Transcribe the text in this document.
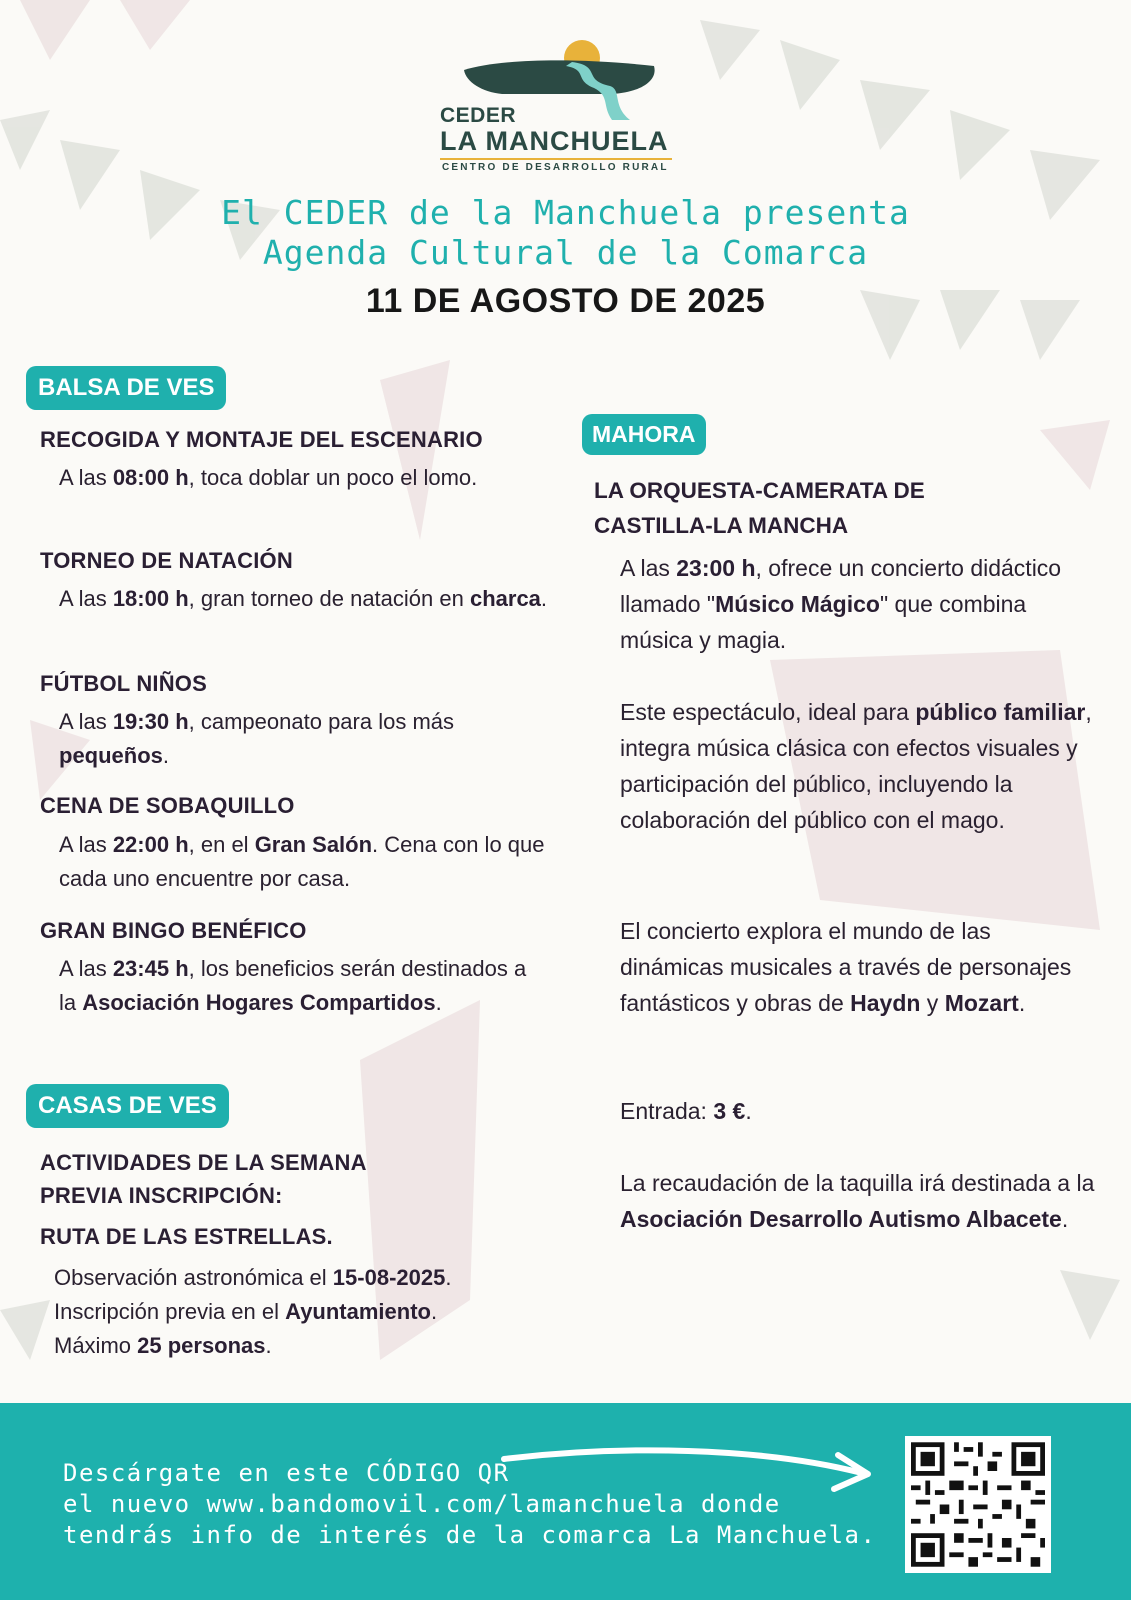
CEDER
LA MANCHUELA
CENTRO DE DESARROLLO RURAL
El CEDER de la Manchuela presenta
Agenda Cultural de la Comarca
11 DE AGOSTO DE 2025
BALSA DE VES
RECOGIDA Y MONTAJE DEL ESCENARIO
A las 08:00 h, toca doblar un poco el lomo.
TORNEO DE NATACIÓN
A las 18:00 h, gran torneo de natación en charca.
FÚTBOL NIÑOS
A las 19:30 h, campeonato para los más pequeños.
CENA DE SOBAQUILLO
A las 22:00 h, en el Gran Salón. Cena con lo que cada uno encuentre por casa.
GRAN BINGO BENÉFICO
A las 23:45 h, los beneficios serán destinados a la Asociación Hogares Compartidos.
CASAS DE VES
ACTIVIDADES DE LA SEMANA
PREVIA INSCRIPCIÓN:
RUTA DE LAS ESTRELLAS.
Observación astronómica el 15-08-2025.
Inscripción previa en el Ayuntamiento.
Máximo 25 personas.
MAHORA
LA ORQUESTA-CAMERATA DE
CASTILLA-LA MANCHA
A las 23:00 h, ofrece un concierto didáctico llamado "Músico Mágico" que combina música y magia.
Este espectáculo, ideal para público familiar, integra música clásica con efectos visuales y participación del público, incluyendo la colaboración del público con el mago.
El concierto explora el mundo de las dinámicas musicales a través de personajes fantásticos y obras de Haydn y Mozart.
Entrada: 3 €.
La recaudación de la taquilla irá destinada a la Asociación Desarrollo Autismo Albacete.
Descárgate en este CÓDIGO QR
el nuevo www.bandomovil.com/lamanchuela donde
tendrás info de interés de la comarca La Manchuela.
